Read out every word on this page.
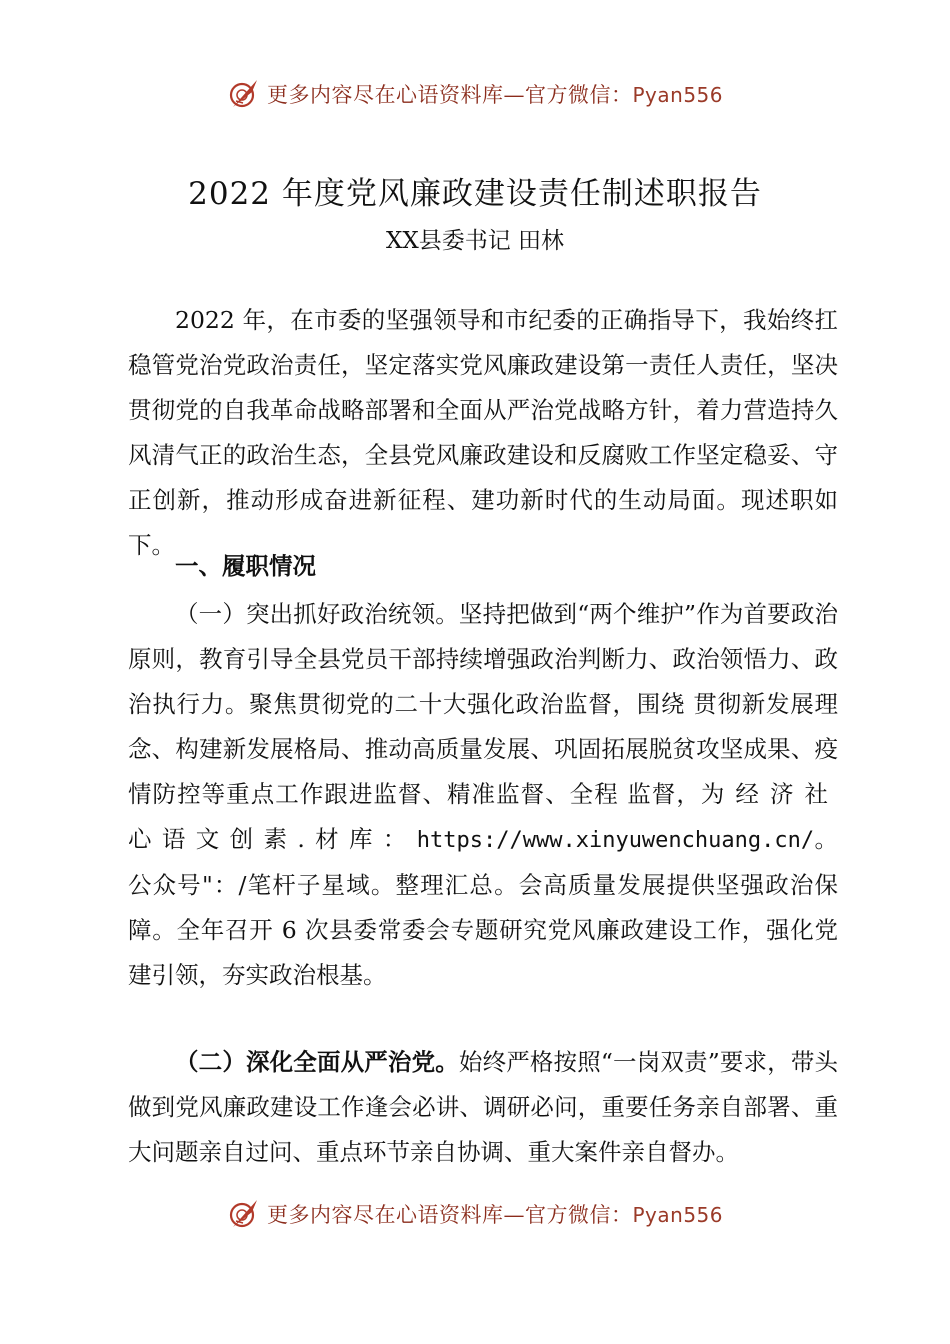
更多内容尽在心语资料库—官方微信：Pyan556
2022 年度党风廉政建设责任制述职报告
XX县委书记 田林

2022 年，在市委的坚强领导和市纪委的正确指导下，我始终扛稳管党治党政治责任，坚定落实党风廉政建设第一责任人责任，坚决贯彻党的自我革命战略部署和全面从严治党战略方针，着力营造持久风清气正的政治生态，全县党风廉政建设和反腐败工作坚定稳妥、守正创新，推动形成奋进新征程、建功新时代的生动局面。现述职如下。

一、履职情况

（一）突出抓好政治统领。坚持把做到“两个维护”作为首要政治原则，教育引导全县党员干部持续增强政治判断力、政治领悟力、政治执行力。聚焦贯彻党的二十大强化政治监督，围绕 贯彻新发展理念、构建新发展格局、推动高质量发展、巩固拓展脱贫攻坚成果、疫情防控等重点工作跟进监督、精准监督、全程 监督，为经济社心语文创素.材库：https://www.xinyuwenchuang.cn/。公众号"：/笔杆子星域。整理汇总。会高质量发展提供坚强政治保障。全年召开 6 次县委常委会专题研究党风廉政建设工作，强化党建引领，夯实政治根基。

（二）深化全面从严治党。始终严格按照“一岗双责”要求，带头做到党风廉政建设工作逢会必讲、调研必问，重要任务亲自部署、重大问题亲自过问、重点环节亲自协调、重大案件亲自督办。

更多内容尽在心语资料库—官方微信：Pyan556
